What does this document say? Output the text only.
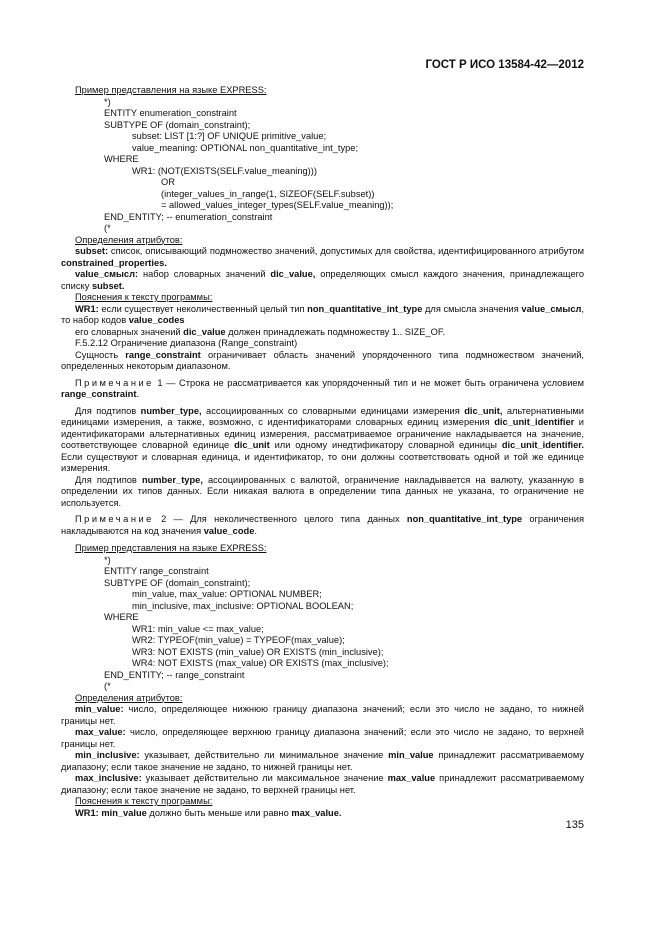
ГОСТ Р ИСО 13584-42—2012

Пример представления на языке EXPRESS:

*)

ENTITY enumeration_constraint

SUBTYPE OF (domain_constraint);

subset: LIST [1:?] OF UNIQUE primitive_value;

value_meaning: OPTIONAL non_quantitative_int_type;

WHERE

WR1: (NOT(EXISTS(SELF.value_meaning)))

OR

(integer_values_in_range(1, SIZEOF(SELF.subset))

= allowed_values_integer_types(SELF.value_meaning));

END_ENTITY; -- enumeration_constraint

(*

Определения атрибутов:

subset: список, описывающий подмножество значений, допустимых для свойства, идентифицированного атрибутом constrained_properties.

value_смысл: набор словарных значений dic_value, определяющих смысл каждого значения, принадлежащего списку subset.

Пояснения к тексту программы:

WR1: если существует неколичественный целый тип non_quantitative_int_type для смысла значения value_смысл, то набор кодов value_codes

его словарных значений dic_value должен принадлежать подмножеству 1.. SIZE_OF.

F.5.2.12 Ограничение диапазона (Range_constraint)

Сущность range_constraint ограничивает область значений упорядоченного типа подмножеством значений, определенных некоторым диапазоном.

Примечание 1 — Строка не рассматривается как упорядоченный тип и не может быть ограничена условием range_constraint.

Для подтипов number_type, ассоциированных со словарными единицами измерения dic_unit, альтернативными единицами измерения, а также, возможно, с идентификаторами словарных единиц измерения dic_unit_identifier и идентификаторами альтернативных единиц измерения, рассматриваемое ограничение накладывается на значение, соответствующее словарной единице dic_unit или одному инедтификатору словарной единицы dic_unit_identifier. Если существуют и словарная единица, и идентификатор, то они должны соответствовать одной и той же единице измерения.

Для подтипов number_type, ассоциированных с валютой, ограничение накладывается на валюту, указанную в определении их типов данных. Если никакая валюта в определении типа данных не указана, то ограничение не используется.

Примечание 2 — Для неколичественного целого типа данных non_quantitative_int_type ограничения накладываются на код значения value_code.

Пример представления на языке EXPRESS:

*)

ENTITY range_constraint

SUBTYPE OF (domain_constraint);

min_value, max_value: OPTIONAL NUMBER;

min_inclusive, max_inclusive: OPTIONAL BOOLEAN;

WHERE

WR1: min_value <= max_value;

WR2: TYPEOF(min_value) = TYPEOF(max_value);

WR3: NOT EXISTS (min_value) OR EXISTS (min_inclusive);

WR4: NOT EXISTS (max_value) OR EXISTS (max_inclusive);

END_ENTITY; -- range_constraint

(*

Определения атрибутов:

min_value: число, определяющее нижнюю границу диапазона значений; если это число не задано, то нижней границы нет.

max_value: число, определяющее верхнюю границу диапазона значений; если это число не задано, то верхней границы нет.

min_inclusive: указывает, действительно ли минимальное значение min_value принадлежит рассматриваемому диапазону; если такое значение не задано, то нижней границы нет.

max_inclusive: указывает действительно ли максимальное значение max_value принадлежит рассматриваемому диапазону; если такое значение не задано, то верхней границы нет.

Пояснения к тексту программы:

WR1: min_value должно быть меньше или равно max_value.

135
